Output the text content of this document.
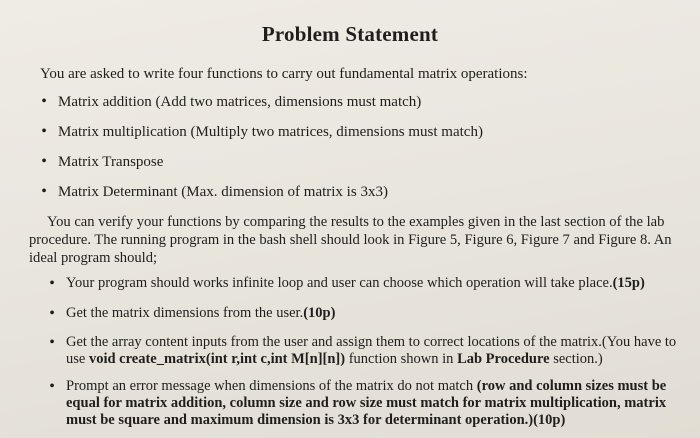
Problem Statement
You are asked to write four functions to carry out fundamental matrix operations:
• Matrix addition (Add two matrices, dimensions must match)
• Matrix multiplication (Multiply two matrices, dimensions must match)
• Matrix Transpose
• Matrix Determinant (Max. dimension of matrix is 3x3)
You can verify your functions by comparing the results to the examples given in the last section of the lab procedure. The running program in the bash shell should look in Figure 5, Figure 6, Figure 7 and Figure 8. An ideal program should;
• Your program should works infinite loop and user can choose which operation will take place.(15p)
• Get the matrix dimensions from the user.(10p)
• Get the array content inputs from the user and assign them to correct locations of the matrix.(You have to use void create_matrix(int r,int c,int M[n][n]) function shown in Lab Procedure section.)
• Prompt an error message when dimensions of the matrix do not match (row and column sizes must be equal for matrix addition, column size and row size must match for matrix multiplication, matrix must be square and maximum dimension is 3x3 for determinant operation.)(10p)
